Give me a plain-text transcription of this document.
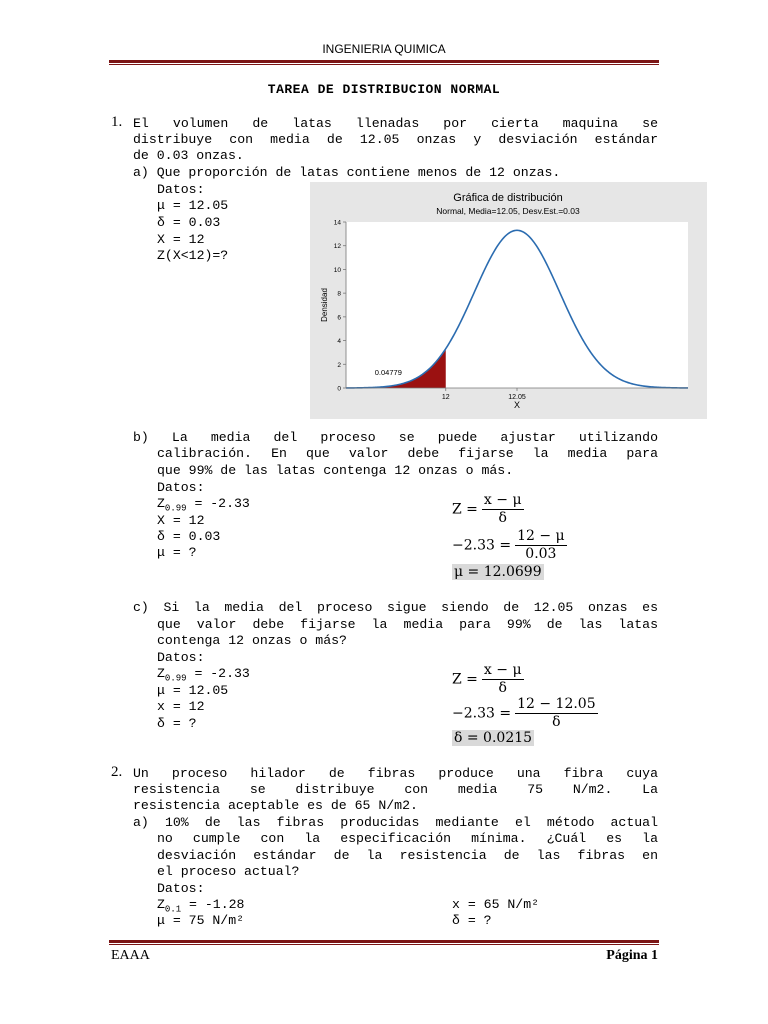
INGENIERIA QUIMICA
TAREA DE DISTRIBUCION NORMAL
1. El volumen de latas llenadas por cierta maquina se
distribuye con media de 12.05 onzas y desviación estándar
de 0.03 onzas.
a) Que proporción de latas contiene menos de 12 onzas.
Datos:
μ = 12.05
δ = 0.03
X = 12
Z(X<12)=?
Gráfica de distribución
Normal, Media=12.05, Desv.Est.=0.03
0
2
4
6
8
10
12
14
12	12.05
0.04779
Densidad
X
b) La media del proceso se puede ajustar utilizando
calibración. En que valor debe fijarse la media para
que 99% de las latas contenga 12 onzas o más.
Datos:
$Z_{0.99} = -2.33$
X = 12
δ = 0.03
μ = ?
$Z = \frac{x - \mu}{\delta}$
$-2.33 = \frac{12 - \mu}{0.03}$
μ = 12.0699
c) Si la media del proceso sigue siendo de 12.05 onzas es
que valor debe fijarse la media para 99% de las latas
contenga 12 onzas o más?
Datos:
$Z_{0.99} = -2.33$
μ = 12.05
x = 12
δ = ?
$Z = \frac{x - \mu}{\delta}$
$-2.33 = \frac{12 - 12.05}{\delta}$
δ = 0.0215
2. Un proceso hilador de fibras produce una fibra cuya
resistencia se distribuye con media 75 N/m2. La
resistencia aceptable es de 65 N/m2.
a) 10% de las fibras producidas mediante el método actual
no cumple con la especificación mínima. ¿Cuál es la
desviación estándar de la resistencia de las fibras en
el proceso actual?
Datos:
$Z_{0.1} = -1.28$
μ = 75 N/m²
x = 65 N/m²
δ = ?
EAAA	Página 1
